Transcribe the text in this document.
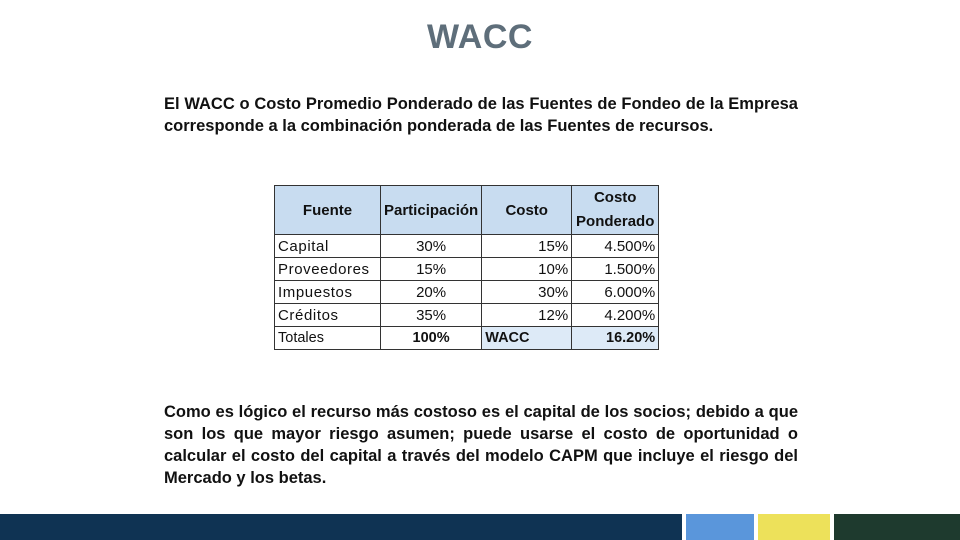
WACC

El WACC o Costo Promedio Ponderado de las Fuentes de Fondeo de la Empresa corresponde a la combinación ponderada de las Fuentes de recursos.

Fuente	Participación	Costo	Costo Ponderado
Capital	30%	15%	4.500%
Proveedores	15%	10%	1.500%
Impuestos	20%	30%	6.000%
Créditos	35%	12%	4.200%
Totales	100%	WACC	16.20%

Como es lógico el recurso más costoso es el capital de los socios; debido a que son los que mayor riesgo asumen; puede usarse el costo de oportunidad o calcular el costo del capital a través del modelo CAPM que incluye el riesgo del Mercado y los betas.
